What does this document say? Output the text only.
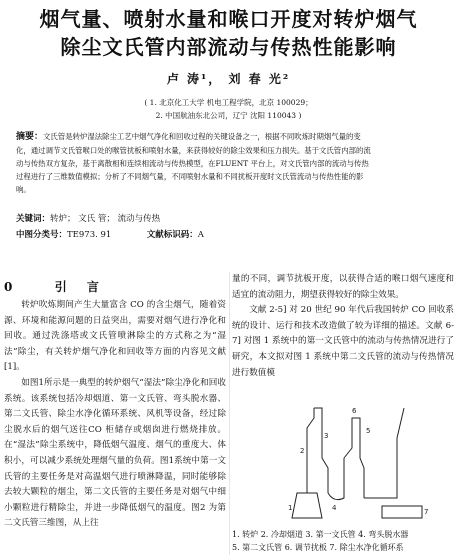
烟气量、喷射水量和喉口开度对转炉烟气
除尘文氏管内部流动与传热性能影响
卢 涛¹， 刘 春 光²
( 1. 北京化工大学 机电工程学院，北京 100029；
2. 中国航油东北公司，辽宁 沈阳 110043 )
摘要：文氏管是转炉湿法除尘工艺中烟气净化和回收过程的关键设备之一，根据不同吹炼时期烟气量的变
化，通过调节文氏管喉口处的喉管扰板和喷射水量，来获得较好的除尘效果和压力损失。基于文氏管内部的流
动与传热双方复杂，基于离散相和连续相流动与传热模型，在FLUENT 平台上，对文氏管内部的流动与传热
过程进行了三维数值模拟；分析了不同烟气量，不同喷射水量和不同扰板开度时文氏管流动与传热性能的影
响。
关键词：转炉； 文氏 管； 流动与传热
中图分类号：TE973. 91	文献标识码：A
0	引 言
转炉吹炼期间产生大量富含 CO 的含尘烟气，随着资源、环境和能源问题的日益突出，需要对烟气进行净化和回收。通过洗涤塔或文氏管喷淋除尘的方式称之为“湿法”除尘，有关转炉烟气净化和回收等方面的内容见文献[1]。
如图1所示是一典型的转炉烟气“湿法”除尘净化和回收系统。该系统包括冷却烟道、第一文氏管、弯头脱水器、第二文氏管、除尘水净化循环系统、风机等设备，经过除尘脱水后的烟气送往CO 柜储存或烟囱进行燃烧排放。在“湿法”除尘系统中，降低烟气温度、烟气的重度大、体积小，可以减少系统处理烟气量的负荷。图1系统中第一文氏管的主要任务是对高温烟气进行喷淋降温，同时能够除去较大颗粒的烟尘，第二文氏管的主要任务是对烟气中细小颗粒进行精除尘，并进一步降低烟气的温度。图2 为第二文氏管三维图，从上往
量的不同，调节扰板开度，以获得合适的喉口烟气速度和适宜的流动阻力，期望获得较好的除尘效果。
文献 2-5] 对 20 世纪 90 年代后我国转炉 CO 回收系统的设计、运行和技术改造做了较为详细的描述。文献 6-7] 对图 1 系统中的第一文氏管中的流动与传热情况进行了研究，本文拟对图 1 系统中第二文氏管的流动与传热情况进行数值模
1
2
3
4
5
6
7
1. 转炉 2. 冷却烟道 3. 第一文氏管 4. 弯头脱水器
5. 第二文氏管 6. 调节扰板 7. 除尘水净化循环系
